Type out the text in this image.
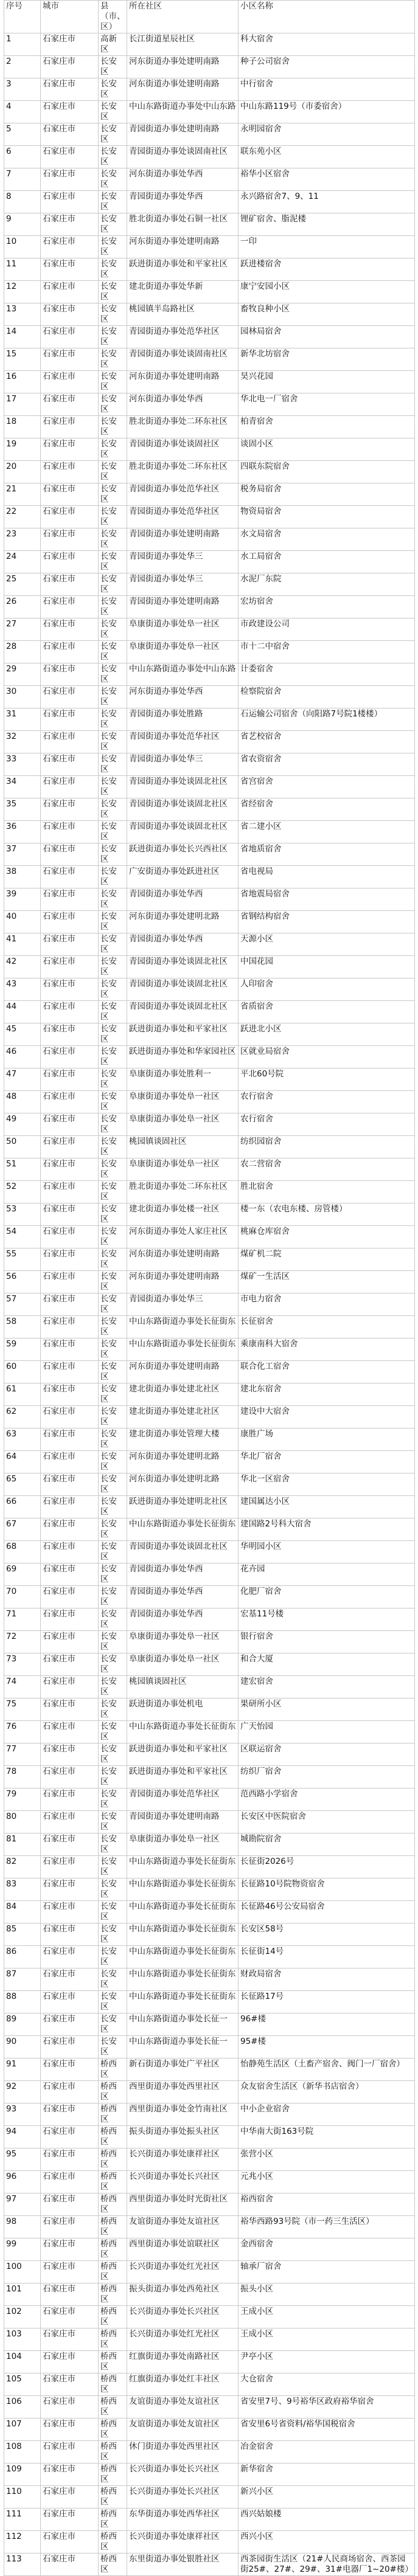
序号	城市	县（市、区）	所在社区	小区名称
1	石家庄市	高新区	长江街道星辰社区	科大宿舍
2	石家庄市	长安区	河东街道办事处建明南路	种子公司宿舍
3	石家庄市	长安区	河东街道办事处建明南路	中行宿舍
4	石家庄市	长安区	中山东路街道办事处中山东路	中山东路119号（市委宿舍）
5	石家庄市	长安区	青园街道办事处建明南路	永明园宿舍
6	石家庄市	长安区	青园街道办事处谈固南社区	联东苑小区
7	石家庄市	长安区	河东街道办事处华西	裕华小区宿舍
8	石家庄市	长安区	青园街道办事处华西	永兴路宿舍7、9、11
9	石家庄市	长安区	胜北街道办事处石铜一社区	锂矿宿舍、脂泥楼
10	石家庄市	长安区	河东街道办事处建明南路	一印
11	石家庄市	长安区	跃进街道办事处和平家社区	跃进楼宿舍
12	石家庄市	长安区	建北街道办事处华新	康宁安园小区
13	石家庄市	长安区	桃园镇半岛路社区	畜牧良种小区
14	石家庄市	长安区	青园街道办事处范华社区	园林局宿舍
15	石家庄市	长安区	青园街道办事处谈固南社区	新华北坊宿舍
16	石家庄市	长安区	河东街道办事处建明南路	昊兴花园
17	石家庄市	长安区	河东街道办事处华西	华北电一厂宿舍
18	石家庄市	长安区	胜北街道办事处二环东社区	柏青宿舍
19	石家庄市	长安区	青园街道办事处谈固社区	谈固小区
20	石家庄市	长安区	胜北街道办事处二环东社区	四联东院宿舍
21	石家庄市	长安区	青园街道办事处范华社区	税务局宿舍
22	石家庄市	长安区	青园街道办事处范华社区	物资局宿舍
23	石家庄市	长安区	青园街道办事处建明南路	水文局宿舍
24	石家庄市	长安区	青园街道办事处华三	水工局宿舍
25	石家庄市	长安区	青园街道办事处华三	水泥厂东院
26	石家庄市	长安区	青园街道办事处建明南路	宏坊宿舍
27	石家庄市	长安区	阜康街道办事处阜一社区	市政建设公司
28	石家庄市	长安区	阜康街道办事处阜一社区	市十二中宿舍
29	石家庄市	长安区	中山东路街道办事处中山东路	计委宿舍
30	石家庄市	长安区	河东街道办事处华西	检察院宿舍
31	石家庄市	长安区	青园街道办事处胜路	石运输公司宿舍（向阳路7号院1楼楼）
32	石家庄市	长安区	青园街道办事处范华社区	省艺校宿舍
33	石家庄市	长安区	青园街道办事处华三	省农资宿舍
34	石家庄市	长安区	青园街道办事处谈固北社区	省宫宿舍
35	石家庄市	长安区	青园街道办事处谈固北社区	省经宿舍
36	石家庄市	长安区	青园街道办事处谈固北社区	省二建小区
37	石家庄市	长安区	跃进街道办事处长兴西社区	省地质宿舍
38	石家庄市	长安区	广安街道办事处跃进社区	省电视局
39	石家庄市	长安区	青园街道办事处华西	省地震局宿舍
40	石家庄市	长安区	河东街道办事处建明北路	省钢结构宿舍
41	石家庄市	长安区	青园街道办事处华西	天源小区
42	石家庄市	长安区	青园街道办事处谈固北社区	中国花园
43	石家庄市	长安区	青园街道办事处谈固北社区	人印宿舍
44	石家庄市	长安区	青园街道办事处谈固北社区	省质宿舍
45	石家庄市	长安区	跃进街道办事处和平家社区	跃进北小区
46	石家庄市	长安区	跃进街道办事处和华家园社区	区就业局宿舍
47	石家庄市	长安区	阜康街道办事处胜利一	平北60号院
48	石家庄市	长安区	阜康街道办事处阜一社区	农行宿舍
49	石家庄市	长安区	阜康街道办事处阜一社区	农行宿舍
50	石家庄市	长安区	桃园镇谈固社区	纺织园宿舍
51	石家庄市	长安区	阜康街道办事处阜一社区	农二营宿舍
52	石家庄市	长安区	胜北街道办事处二环东社区	胜北宿舍
53	石家庄市	长安区	建北街道办事处楼一社区	楼一东（农电东楼、房管楼）
54	石家庄市	长安区	河东街道办事处人家庄社区	桃麻仓库宿舍
55	石家庄市	长安区	河东街道办事处建明南路	煤矿机二院
56	石家庄市	长安区	河东街道办事处建明南路	煤矿一生活区
57	石家庄市	长安区	青园街道办事处华三	市电力宿舍
58	石家庄市	长安区	中山东路街道办事处长征街东	长征宿舍
59	石家庄市	长安区	中山东路街道办事处长征街东	乘康南科大宿舍
60	石家庄市	长安区	河东街道办事处建明南路	联合化工宿舍
61	石家庄市	长安区	建北街道办事处建北社区	建北东宿舍
62	石家庄市	长安区	建北街道办事处建北社区	建设中大宿舍
63	石家庄市	长安区	建北街道办事处管理大楼	康胜广场
64	石家庄市	长安区	河东街道办事处建明北路	华北厂宿舍
65	石家庄市	长安区	河东街道办事处建明北路	华北一区宿舍
66	石家庄市	长安区	跃进街道办事处建明北社区	建国属达小区
67	石家庄市	长安区	中山东路街道办事处长征街东	建国路2号科大宿舍
68	石家庄市	长安区	青园街道办事处谈固北社区	华明园小区
69	石家庄市	长安区	青园街道办事处华西	花卉园
70	石家庄市	长安区	青园街道办事处华西	化肥厂宿舍
71	石家庄市	长安区	青园街道办事处华西	宏基11号楼
72	石家庄市	长安区	阜康街道办事处阜一社区	银行宿舍
73	石家庄市	长安区	阜康街道办事处阜一社区	和合大厦
74	石家庄市	长安区	桃园镇谈固社区	建宏宿舍
75	石家庄市	长安区	跃进街道办事处机电	果研所小区
76	石家庄市	长安区	中山东路街道办事处长征街东	广天怡园
77	石家庄市	长安区	跃进街道办事处和平家社区	区联运宿舍
78	石家庄市	长安区	跃进街道办事处和平家社区	纺织厂宿舍
79	石家庄市	长安区	青园街道办事处范华社区	范西路小学宿舍
80	石家庄市	长安区	青园街道办事处建明南路	长安区中医院宿舍
81	石家庄市	长安区	阜康街道办事处阜一社区	城勘院宿舍
82	石家庄市	长安区	中山东路街道办事处长征街东	长征街2026号
83	石家庄市	长安区	中山东路街道办事处长征街东	长征路10号院物资宿舍
84	石家庄市	长安区	中山东路街道办事处长征街东	长征路46号公安局宿舍
85	石家庄市	长安区	中山东路街道办事处长征街东	长安区58号
86	石家庄市	长安区	中山东路街道办事处长征街东	长征街14号
87	石家庄市	长安区	中山东路街道办事处长征街东	财政局宿舍
88	石家庄市	长安区	中山东路街道办事处长征街东	长征路17号
89	石家庄市	长安区	中山东路街道办事处长征一	96#楼
90	石家庄市	长安区	中山东路街道办事处长征一	95#楼
91	石家庄市	桥西区	新石街道办事处广平社区	怡静苑生活区（土畜产宿舍、阀门一厂宿舍）
92	石家庄市	桥西区	西里街道办事处西里社区	众友宿舍生活区（新华书店宿舍）
93	石家庄市	桥西区	西里街道办事处金竹南社区	中小企业宿舍
94	石家庄市	桥西区	振头街道办事处振头社区	中华南大街163号院
95	石家庄市	桥西区	长兴街道办事处康祥社区	张营小区
96	石家庄市	桥西区	长兴街道办事处长兴社区	元兆小区
97	石家庄市	桥西区	西里街道办事处时光街社区	裕西宿舍
98	石家庄市	桥西区	友谊街道办事处友谊社区	裕华西路93号院（市一药三生活区）
99	石家庄市	桥西区	西里街道办事处谊联社区	金西宿舍
100	石家庄市	桥西区	长兴街道办事处红光社区	轴承厂宿舍
101	石家庄市	桥西区	振头街道办事处西苑社区	振头小区
102	石家庄市	桥西区	长兴街道办事处长兴社区	王成小区
103	石家庄市	桥西区	长兴街道办事处红光社区	王成小区
104	石家庄市	桥西区	红旗街道办事处南路社区	尹亭小区
105	石家庄市	桥西区	红旗街道办事处红丰社区	大仓宿舍
106	石家庄市	桥西区	友谊街道办事处友谊社区	省安里7号、9号裕华区政府裕华宿舍
107	石家庄市	桥西区	友谊街道办事处友谊社区	省安里6号省资料/裕华国税宿舍
108	石家庄市	桥西区	休门街道办事处西里社区	冶金宿舍
109	石家庄市	桥西区	长兴街道办事处长兴社区	新华宿舍
110	石家庄市	桥西区	长兴街道办事处长兴社区	新兴小区
111	石家庄市	桥西区	东华街道办事处西华社区	西兴姑娘楼
112	石家庄市	桥西区	长兴街道办事处康祥社区	西兴小区
113	石家庄市	桥西区	东里街道办事处银胜社区	西茶园街生活区（21#人民商场宿舍、西茶园街25#、27#、29#、31#电器厂1~20#楼）
